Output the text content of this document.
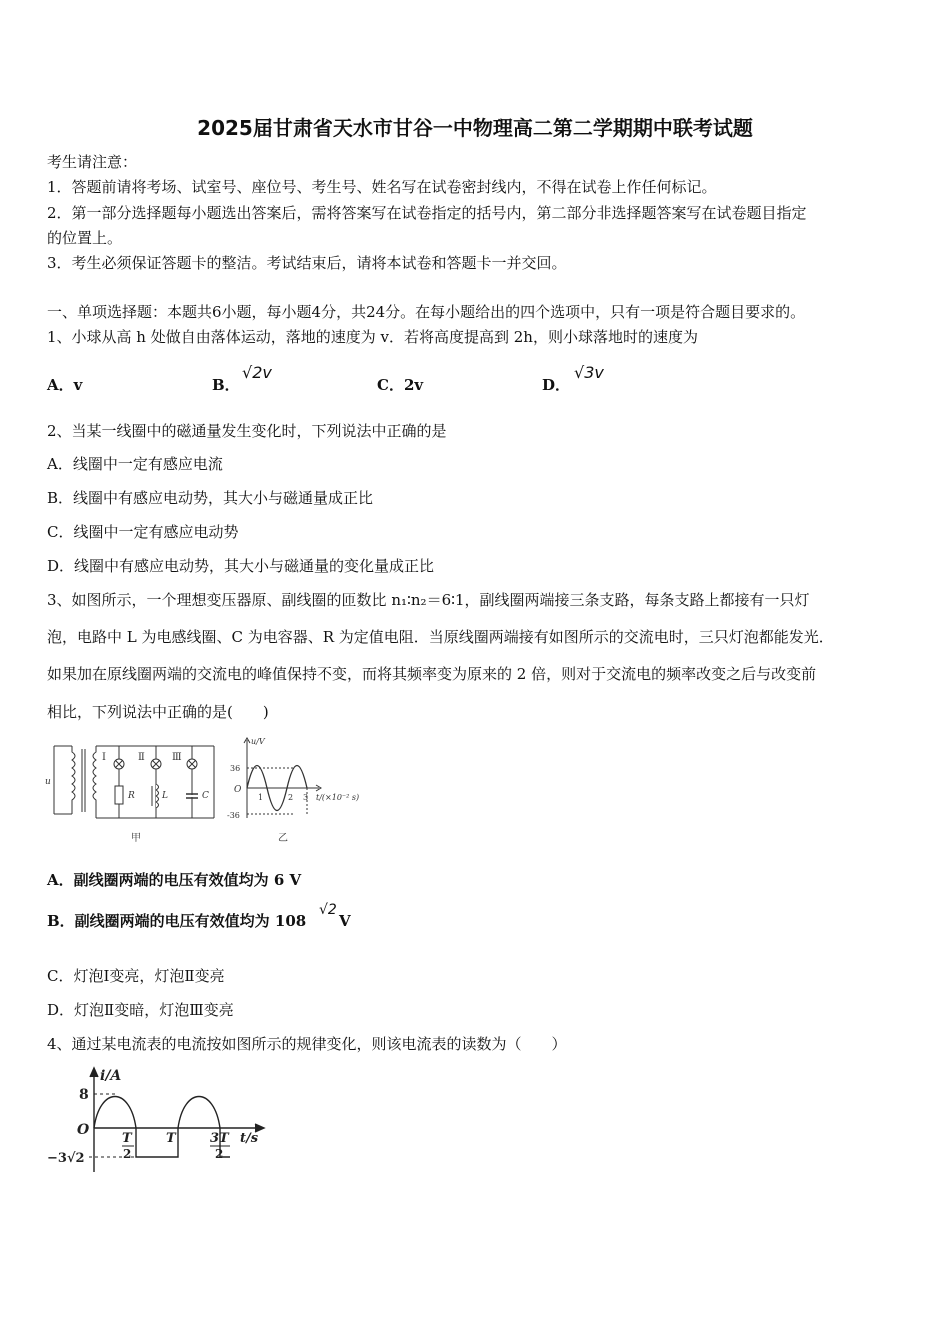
2025届甘肃省天水市甘谷一中物理高二第二学期期中联考试题
考生请注意：
1．答题前请将考场、试室号、座位号、考生号、姓名写在试卷密封线内，不得在试卷上作任何标记。
2．第一部分选择题每小题选出答案后，需将答案写在试卷指定的括号内，第二部分非选择题答案写在试卷题目指定
的位置上。
3．考生必须保证答题卡的整洁。考试结束后，请将本试卷和答题卡一并交回。
一、单项选择题：本题共6小题，每小题4分，共24分。在每小题给出的四个选项中，只有一项是符合题目要求的。
1、小球从高 h 处做自由落体运动，落地的速度为 v．若将高度提高到 2h，则小球落地时的速度为
A．v	B．
√2v
C．2v	D．
√3v
2、当某一线圈中的磁通量发生变化时，下列说法中正确的是
A．线圈中一定有感应电流
B．线圈中有感应电动势，其大小与磁通量成正比
C．线圈中一定有感应电动势
D．线圈中有感应电动势，其大小与磁通量的变化量成正比
3、如图所示，一个理想变压器原、副线圈的匝数比 n₁∶n₂＝6∶1，副线圈两端接三条支路，每条支路上都接有一只灯
泡，电路中 L 为电感线圈、C 为电容器、R 为定值电阻．当原线圈两端接有如图所示的交流电时，三只灯泡都能发光．
如果加在原线圈两端的交流电的峰值保持不变，而将其频率变为原来的 2 倍，则对于交流电的频率改变之后与改变前
相比，下列说法中正确的是(　　)
u
Ⅰ	Ⅱ	Ⅲ
R	L	C
甲
u/V
36
-36
O
1	2 3 t/(×10⁻² s)
乙
A．副线圈两端的电压有效值均为 6 V
B．副线圈两端的电压有效值均为 108
√2
V
C．灯泡Ⅰ变亮，灯泡Ⅱ变亮
D．灯泡Ⅱ变暗，灯泡Ⅲ变亮
4、通过某电流表的电流按如图所示的规律变化，则该电流表的读数为（　　）
i/A
8
O
−3√2
t/s
T
2
T	3T
2
